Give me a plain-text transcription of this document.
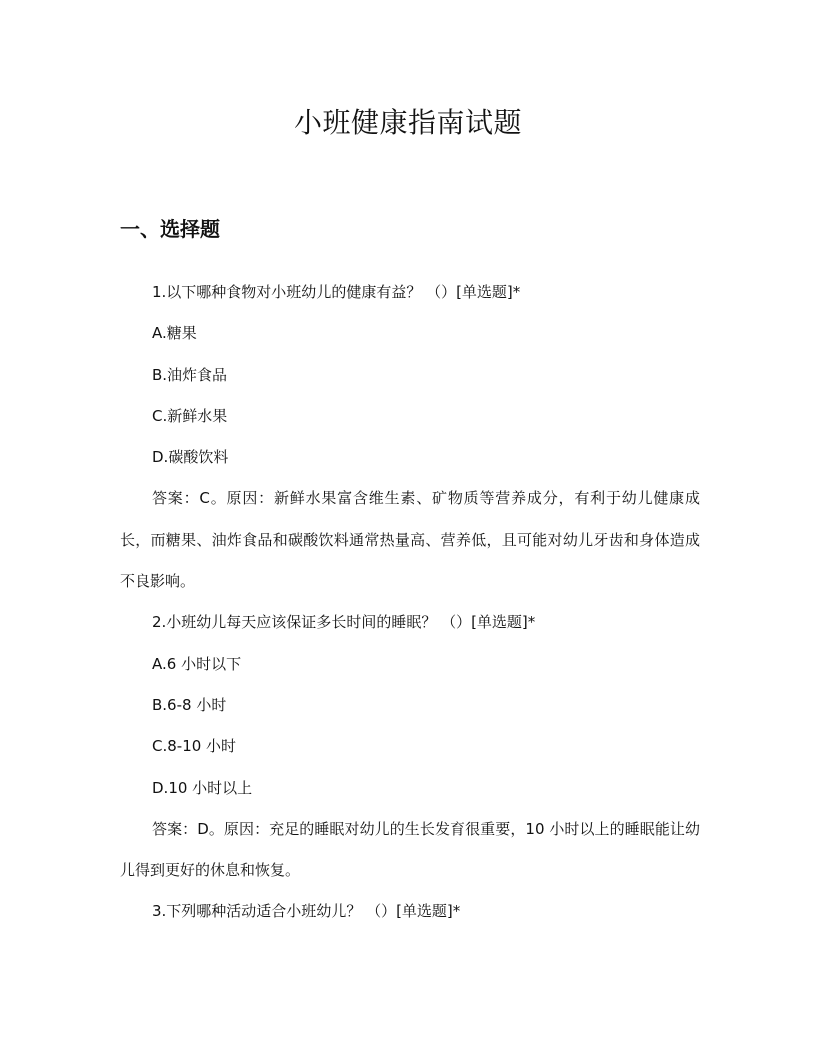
小班健康指南试题
一、选择题

1.以下哪种食物对小班幼儿的健康有益？ （）[单选题]*

A.糖果

B.油炸食品

C.新鲜水果

D.碳酸饮料

答案：C。原因：新鲜水果富含维生素、矿物质等营养成分，有利于幼儿健康成长，而糖果、油炸食品和碳酸饮料通常热量高、营养低，且可能对幼儿牙齿和身体造成不良影响。

2.小班幼儿每天应该保证多长时间的睡眠？ （）[单选题]*

A.6 小时以下

B.6-8 小时

C.8-10 小时

D.10 小时以上

答案：D。原因：充足的睡眠对幼儿的生长发育很重要，10 小时以上的睡眠能让幼儿得到更好的休息和恢复。

3.下列哪种活动适合小班幼儿？ （）[单选题]*
